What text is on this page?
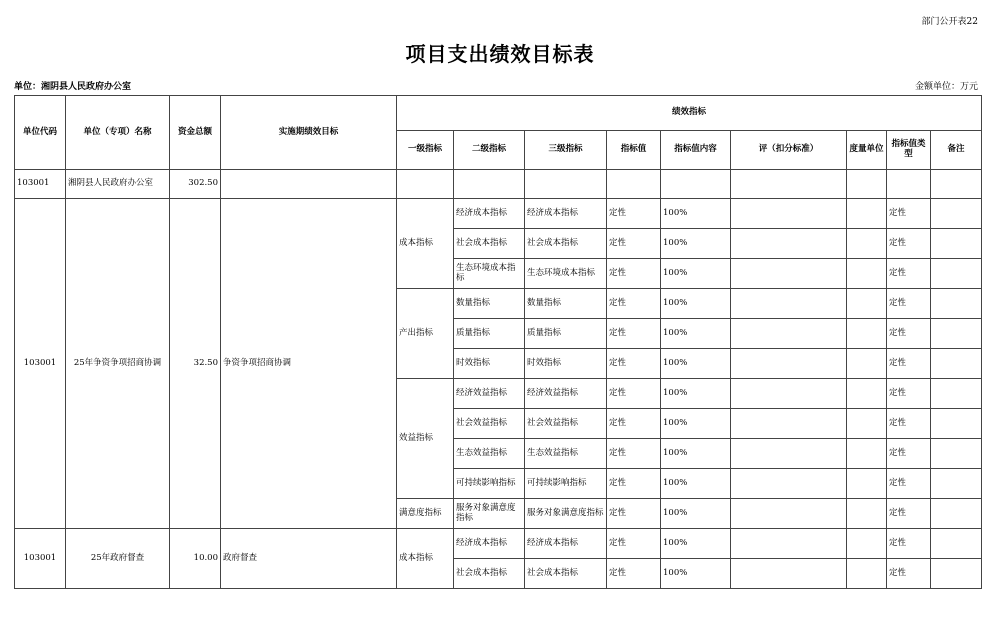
部门公开表22
项目支出绩效目标表
单位：湘阴县人民政府办公室	金额单位：万元
单位代码	单位（专项）名称	资金总额	实施期绩效目标	绩效指标								
				一级指标	二级指标	三级指标	指标值	指标值内容	评（扣分标准）	度量单位	指标值类型	备注
103001	湘阴县人民政府办公室	302.50										
103001	25年争资争项招商协调	32.50	争资争项招商协调	成本指标	经济成本指标	经济成本指标	定性	100%			定性	
					社会成本指标	社会成本指标	定性	100%			定性	
					生态环境成本指标	生态环境成本指标	定性	100%			定性	
				产出指标	数量指标	数量指标	定性	100%			定性	
					质量指标	质量指标	定性	100%			定性	
					时效指标	时效指标	定性	100%			定性	
				效益指标	经济效益指标	经济效益指标	定性	100%			定性	
					社会效益指标	社会效益指标	定性	100%			定性	
					生态效益指标	生态效益指标	定性	100%			定性	
					可持续影响指标	可持续影响指标	定性	100%			定性	
				满意度指标	服务对象满意度指标	服务对象满意度指标	定性	100%			定性	
103001	25年政府督查	10.00	政府督查	成本指标	经济成本指标	经济成本指标	定性	100%			定性	
					社会成本指标	社会成本指标	定性	100%			定性	
